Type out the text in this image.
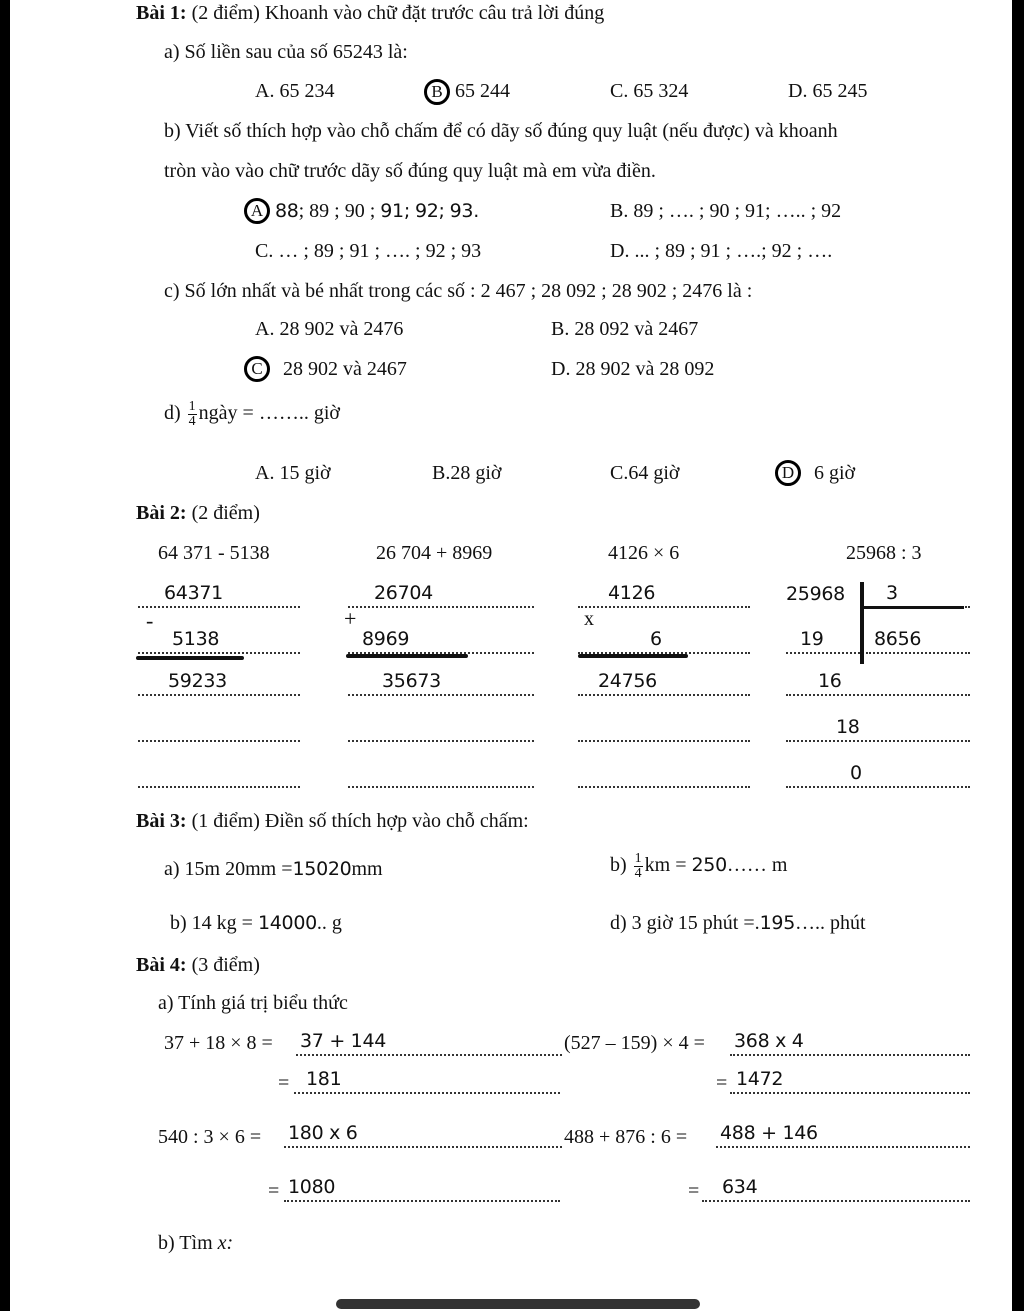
Bài 1: (2 điểm) Khoanh vào chữ đặt trước câu trả lời đúng
a) Số liền sau của số 65243 là:
A. 65 234	B 65 244	C. 65 324	D. 65 245
b) Viết số thích hợp vào chỗ chấm để có dãy số đúng quy luật (nếu được) và khoanh
tròn vào vào chữ trước dãy số đúng quy luật mà em vừa điền.
A 88; 89 ; 90 ; 91; 92; 93.	B. 89 ; …. ; 90 ; 91; ….. ; 92
C. … ; 89 ; 91 ; …. ; 92 ; 93	D. ... ; 89 ; 91 ; ….; 92 ; ….
c) Số lớn nhất và bé nhất trong các số : 2 467 ; 28 092 ; 28 902 ; 2476 là :
A. 28 902 và 2476	B. 28 092 và 2467
C	28 902 và 2467	D. 28 902 và 28 092
$d) \frac{1}{4}$ ngày = …….. giờ
A. 15 giờ	B.28 giờ	C.64 giờ	D 6 giờ
Bài 2: (2 điểm)
64 371 - 5138
64371
-
5138
59233
26 704 + 8969
26704
+
8969
35673
4126 × 6
4126
x
6
24756
25968 : 3
25968	3
19	8656
16
18
0
Bài 3: (1 điểm) Điền số thích hợp vào chỗ chấm:
a) 15m 20mm =15020mm	$b) \frac{1}{4}$ km = 250…… m
b) 14 kg = 14000.. g	d) 3 giờ 15 phút =.195….. phút
Bài 4: (3 điểm)
a) Tính giá trị biểu thức
37 + 18 × 8 = 37 + 144
= 181
(527 – 159) × 4 = 368 x 4
= 1472
540 : 3 × 6 = 180 x 6
= 1080
488 + 876 : 6 = 488 + 146
=	634
b) Tìm x:
